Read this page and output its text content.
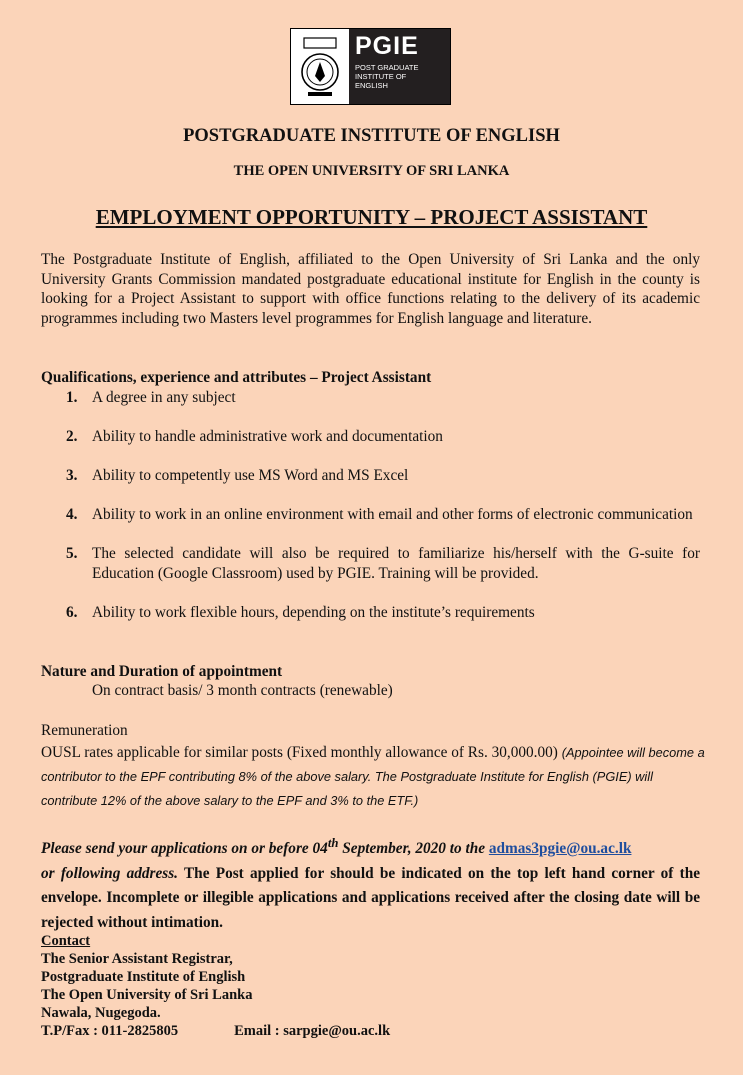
PGIE
POST GRADUATE
INSTITUTE OF
ENGLISH
POSTGRADUATE INSTITUTE OF ENGLISH
THE OPEN UNIVERSITY OF SRI LANKA
EMPLOYMENT OPPORTUNITY – PROJECT ASSISTANT
The Postgraduate Institute of English, affiliated to the Open University of Sri Lanka and the only University Grants Commission mandated postgraduate educational institute for English in the county is looking for a Project Assistant to support with office functions relating to the delivery of its academic programmes including two Masters level programmes for English language and literature.
Qualifications, experience and attributes – Project Assistant
1. A degree in any subject
2. Ability to handle administrative work and documentation
3. Ability to competently use MS Word and MS Excel
4. Ability to work in an online environment with email and other forms of electronic communication
5. The selected candidate will also be required to familiarize his/herself with the G-suite for Education (Google Classroom) used by PGIE. Training will be provided.
6. Ability to work flexible hours, depending on the institute’s requirements
Nature and Duration of appointment
On contract basis/ 3 month contracts (renewable)
Remuneration
OUSL rates applicable for similar posts (Fixed monthly allowance of Rs. 30,000.00) (Appointee will become a contributor to the EPF contributing 8% of the above salary. The Postgraduate Institute for English (PGIE) will contribute 12% of the above salary to the EPF and 3% to the ETF.)
Please send your applications on or before 04th September, 2020 to the admas3pgie@ou.ac.lk
or following address. The Post applied for should be indicated on the top left hand corner of the envelope. Incomplete or illegible applications and applications received after the closing date will be rejected without intimation.
Contact
The Senior Assistant Registrar,
Postgraduate Institute of English
The Open University of Sri Lanka
Nawala, Nugegoda.
T.P/Fax : 011-2825805	Email : sarpgie@ou.ac.lk
